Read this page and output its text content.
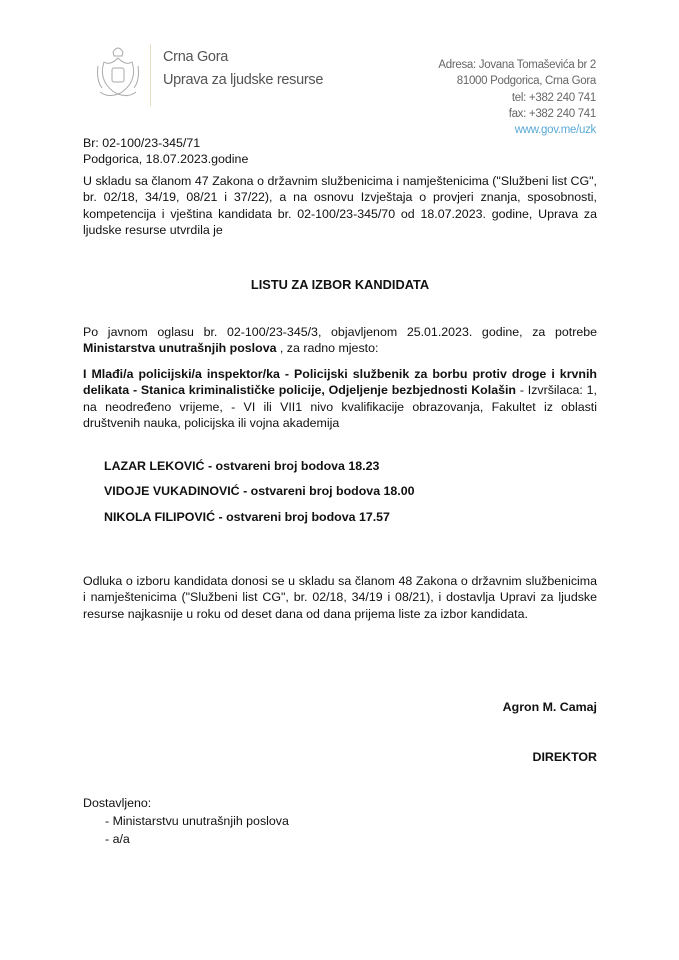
Crna Gora
Uprava za ljudske resurse
Adresa: Jovana Tomaševića br 2
81000 Podgorica, Crna Gora
tel: +382 240 741
fax: +382 240 741
www.gov.me/uzk
Br: 02-100/23-345/71
Podgorica, 18.07.2023.godine
U skladu sa članom 47 Zakona o državnim službenicima i namještenicima ("Službeni list CG", br. 02/18, 34/19, 08/21 i 37/22), a na osnovu Izvještaja o provjeri znanja, sposobnosti, kompetencija i vještina kandidata br. 02-100/23-345/70 od 18.07.2023. godine, Uprava za ljudske resurse utvrdila je
LISTU ZA IZBOR KANDIDATA
Po javnom oglasu br. 02-100/23-345/3, objavljenom 25.01.2023. godine, za potrebe Ministarstva unutrašnjih poslova , za radno mjesto:
I Mlađi/a policijski/a inspektor/ka - Policijski službenik za borbu protiv droge i krvnih delikata - Stanica kriminalističke policije, Odjeljenje bezbjednosti Kolašin - Izvršilaca: 1, na neodređeno vrijeme, - VI ili VII1 nivo kvalifikacije obrazovanja, Fakultet iz oblasti društvenih nauka, policijska ili vojna akademija
LAZAR LEKOVIĆ - ostvareni broj bodova 18.23
VIDOJE VUKADINOVIĆ - ostvareni broj bodova 18.00
NIKOLA FILIPOVIĆ - ostvareni broj bodova 17.57
Odluka o izboru kandidata donosi se u skladu sa članom 48 Zakona o državnim službenicima i namještenicima ("Službeni list CG", br. 02/18, 34/19 i 08/21), i dostavlja Upravi za ljudske resurse najkasnije u roku od deset dana od dana prijema liste za izbor kandidata.
Agron M. Camaj
DIREKTOR
Dostavljeno:
- Ministarstvu unutrašnjih poslova
- a/a
